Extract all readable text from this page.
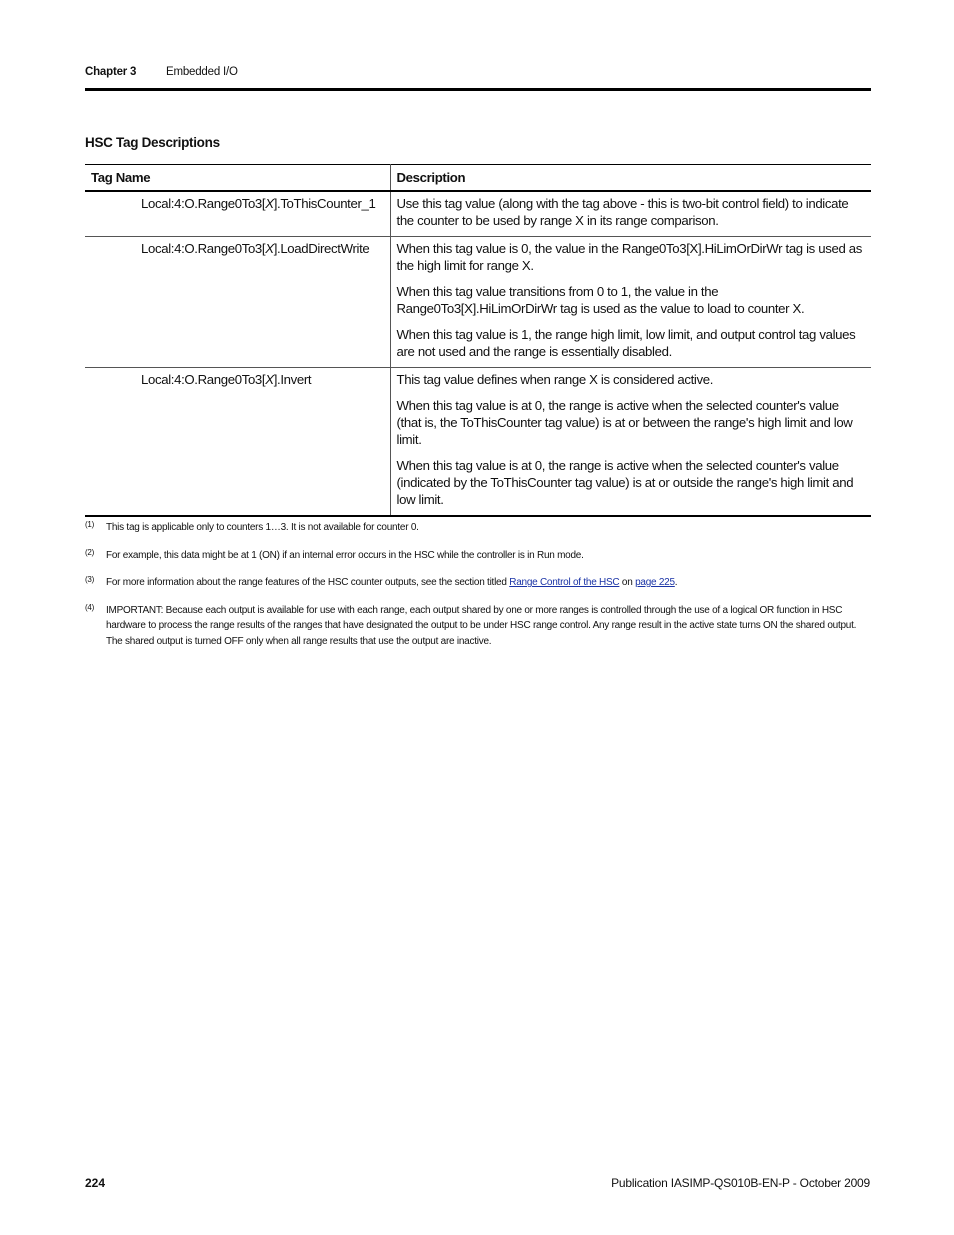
Chapter 3	Embedded I/O
HSC Tag Descriptions
Tag Name	Description
Local:4:O.Range0To3[X].ToThisCounter_1	Use this tag value (along with the tag above - this is two-bit control field) to indicate the counter to be used by range X in its range comparison.

Local:4:O.Range0To3[X].LoadDirectWrite	When this tag value is 0, the value in the Range0To3[X].HiLimOrDirWr tag is used as the high limit for range X.

When this tag value transitions from 0 to 1, the value in the Range0To3[X].HiLimOrDirWr tag is used as the value to load to counter X.

When this tag value is 1, the range high limit, low limit, and output control tag values are not used and the range is essentially disabled.

Local:4:O.Range0To3[X].Invert	This tag value defines when range X is considered active.

When this tag value is at 0, the range is active when the selected counter's value (that is, the ToThisCounter tag value) is at or between the range's high limit and low limit.

When this tag value is at 0, the range is active when the selected counter's value (indicated by the ToThisCounter tag value) is at or outside the range's high limit and low limit.

(1) This tag is applicable only to counters 1…3. It is not available for counter 0.
(2) For example, this data might be at 1 (ON) if an internal error occurs in the HSC while the controller is in Run mode.
(3) For more information about the range features of the HSC counter outputs, see the section titled Range Control of the HSC on page 225.
(4) IMPORTANT: Because each output is available for use with each range, each output shared by one or more ranges is controlled through the use of a logical OR function in HSC hardware to process the range results of the ranges that have designated the output to be under HSC range control. Any range result in the active state turns ON the shared output. The shared output is turned OFF only when all range results that use the output are inactive.
224	Publication IASIMP-QS010B-EN-P - October 2009
